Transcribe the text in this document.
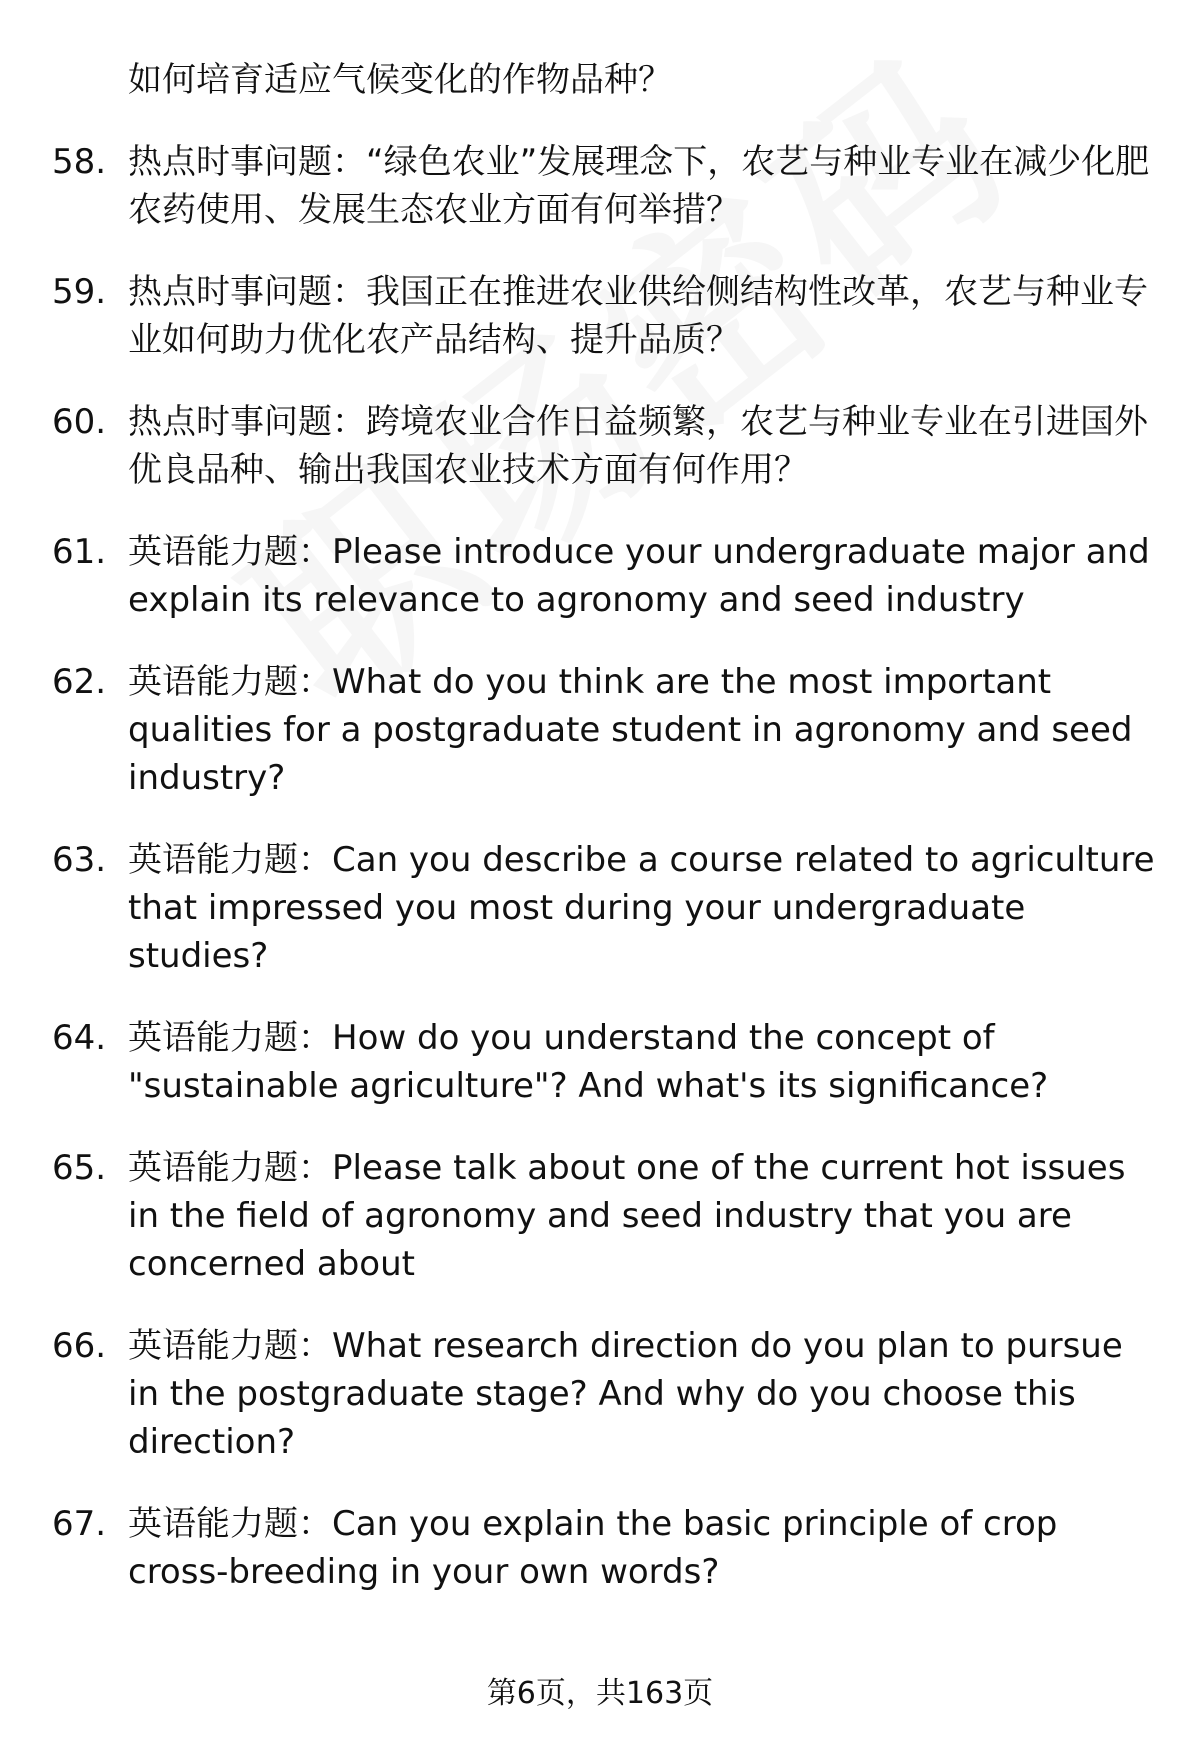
如何培育适应气候变化的作物品种？
58. 热点时事问题：“绿色农业”发展理念下，农艺与种业专业在减少化肥农药使用、发展生态农业方面有何举措？
59. 热点时事问题：我国正在推进农业供给侧结构性改革，农艺与种业专业如何助力优化农产品结构、提升品质？
60. 热点时事问题：跨境农业合作日益频繁，农艺与种业专业在引进国外优良品种、输出我国农业技术方面有何作用？
61. 英语能力题：Please introduce your undergraduate major and explain its relevance to agronomy and seed industry
62. 英语能力题：What do you think are the most important qualities for a postgraduate student in agronomy and seed industry?
63. 英语能力题：Can you describe a course related to agriculture that impressed you most during your undergraduate studies?
64. 英语能力题：How do you understand the concept of "sustainable agriculture"? And what's its significance?
65. 英语能力题：Please talk about one of the current hot issues in the field of agronomy and seed industry that you are concerned about
66. 英语能力题：What research direction do you plan to pursue in the postgraduate stage? And why do you choose this direction?
67. 英语能力题：Can you explain the basic principle of crop cross-breeding in your own words?
第6页，共163页
